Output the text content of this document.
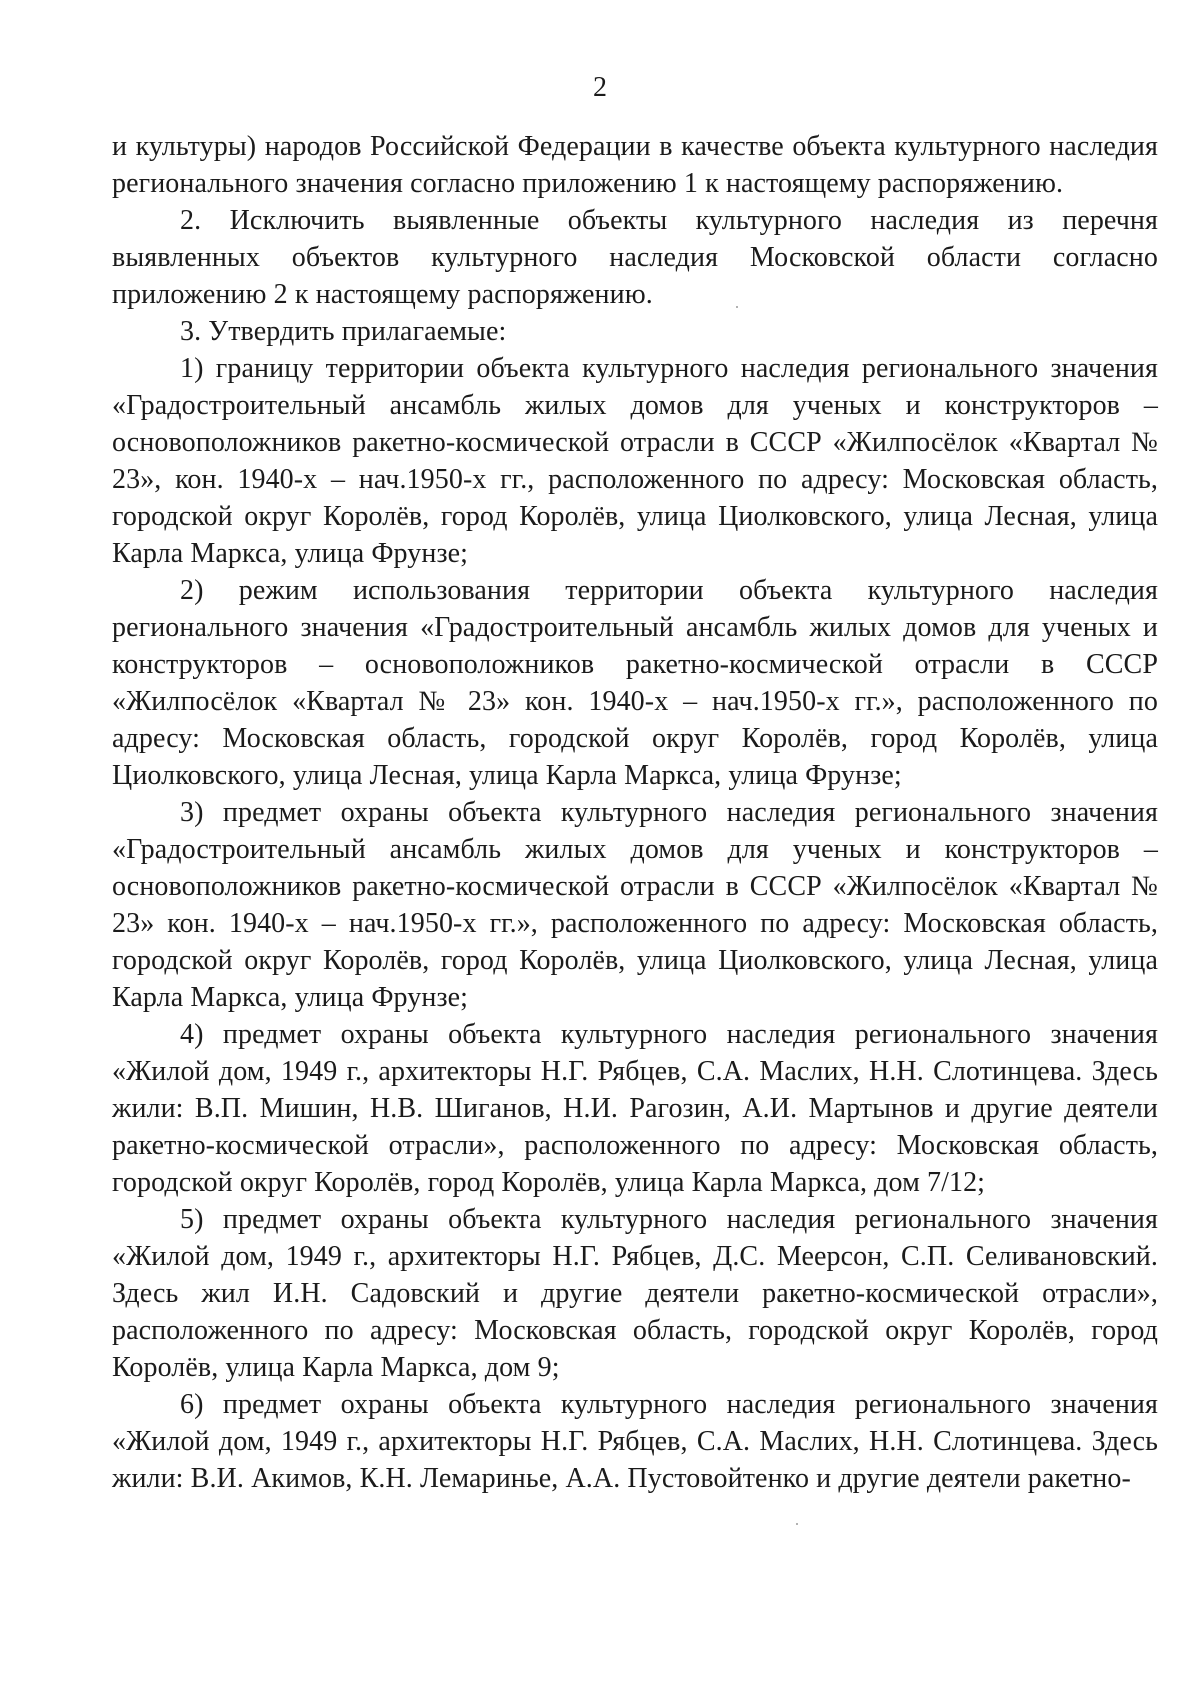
2

и культуры) народов Российской Федерации в качестве объекта культурного наследия регионального значения согласно приложению 1 к настоящему распоряжению.

2. Исключить выявленные объекты культурного наследия из перечня выявленных объектов культурного наследия Московской области согласно приложению 2 к настоящему распоряжению.

3. Утвердить прилагаемые:

1) границу территории объекта культурного наследия регионального значения «Градостроительный ансамбль жилых домов для ученых и конструкторов – основоположников ракетно-космической отрасли в СССР «Жилпосёлок «Квартал № 23», кон. 1940-х – нач.1950-х гг., расположенного по адресу: Московская область, городской округ Королёв, город Королёв, улица Циолковского, улица Лесная, улица Карла Маркса, улица Фрунзе;

2) режим использования территории объекта культурного наследия регионального значения «Градостроительный ансамбль жилых домов для ученых и конструкторов – основоположников ракетно-космической отрасли в СССР «Жилпосёлок «Квартал № 23» кон. 1940-х – нач.1950-х гг.», расположенного по адресу: Московская область, городской округ Королёв, город Королёв, улица Циолковского, улица Лесная, улица Карла Маркса, улица Фрунзе;

3) предмет охраны объекта культурного наследия регионального значения «Градостроительный ансамбль жилых домов для ученых и конструкторов – основоположников ракетно-космической отрасли в СССР «Жилпосёлок «Квартал № 23» кон. 1940-х – нач.1950-х гг.», расположенного по адресу: Московская область, городской округ Королёв, город Королёв, улица Циолковского, улица Лесная, улица Карла Маркса, улица Фрунзе;

4) предмет охраны объекта культурного наследия регионального значения «Жилой дом, 1949 г., архитекторы Н.Г. Рябцев, С.А. Маслих, Н.Н. Слотинцева. Здесь жили: В.П. Мишин, Н.В. Шиганов, Н.И. Рагозин, А.И. Мартынов и другие деятели ракетно-космической отрасли», расположенного по адресу: Московская область, городской округ Королёв, город Королёв, улица Карла Маркса, дом 7/12;

5) предмет охраны объекта культурного наследия регионального значения «Жилой дом, 1949 г., архитекторы Н.Г. Рябцев, Д.С. Меерсон, С.П. Селивановский. Здесь жил И.Н. Садовский и другие деятели ракетно-космической отрасли», расположенного по адресу: Московская область, городской округ Королёв, город Королёв, улица Карла Маркса, дом 9;

6) предмет охраны объекта культурного наследия регионального значения «Жилой дом, 1949 г., архитекторы Н.Г. Рябцев, С.А. Маслих, Н.Н. Слотинцева. Здесь жили: В.И. Акимов, К.Н. Лемаринье, А.А. Пустовойтенко и другие деятели ракетно-
